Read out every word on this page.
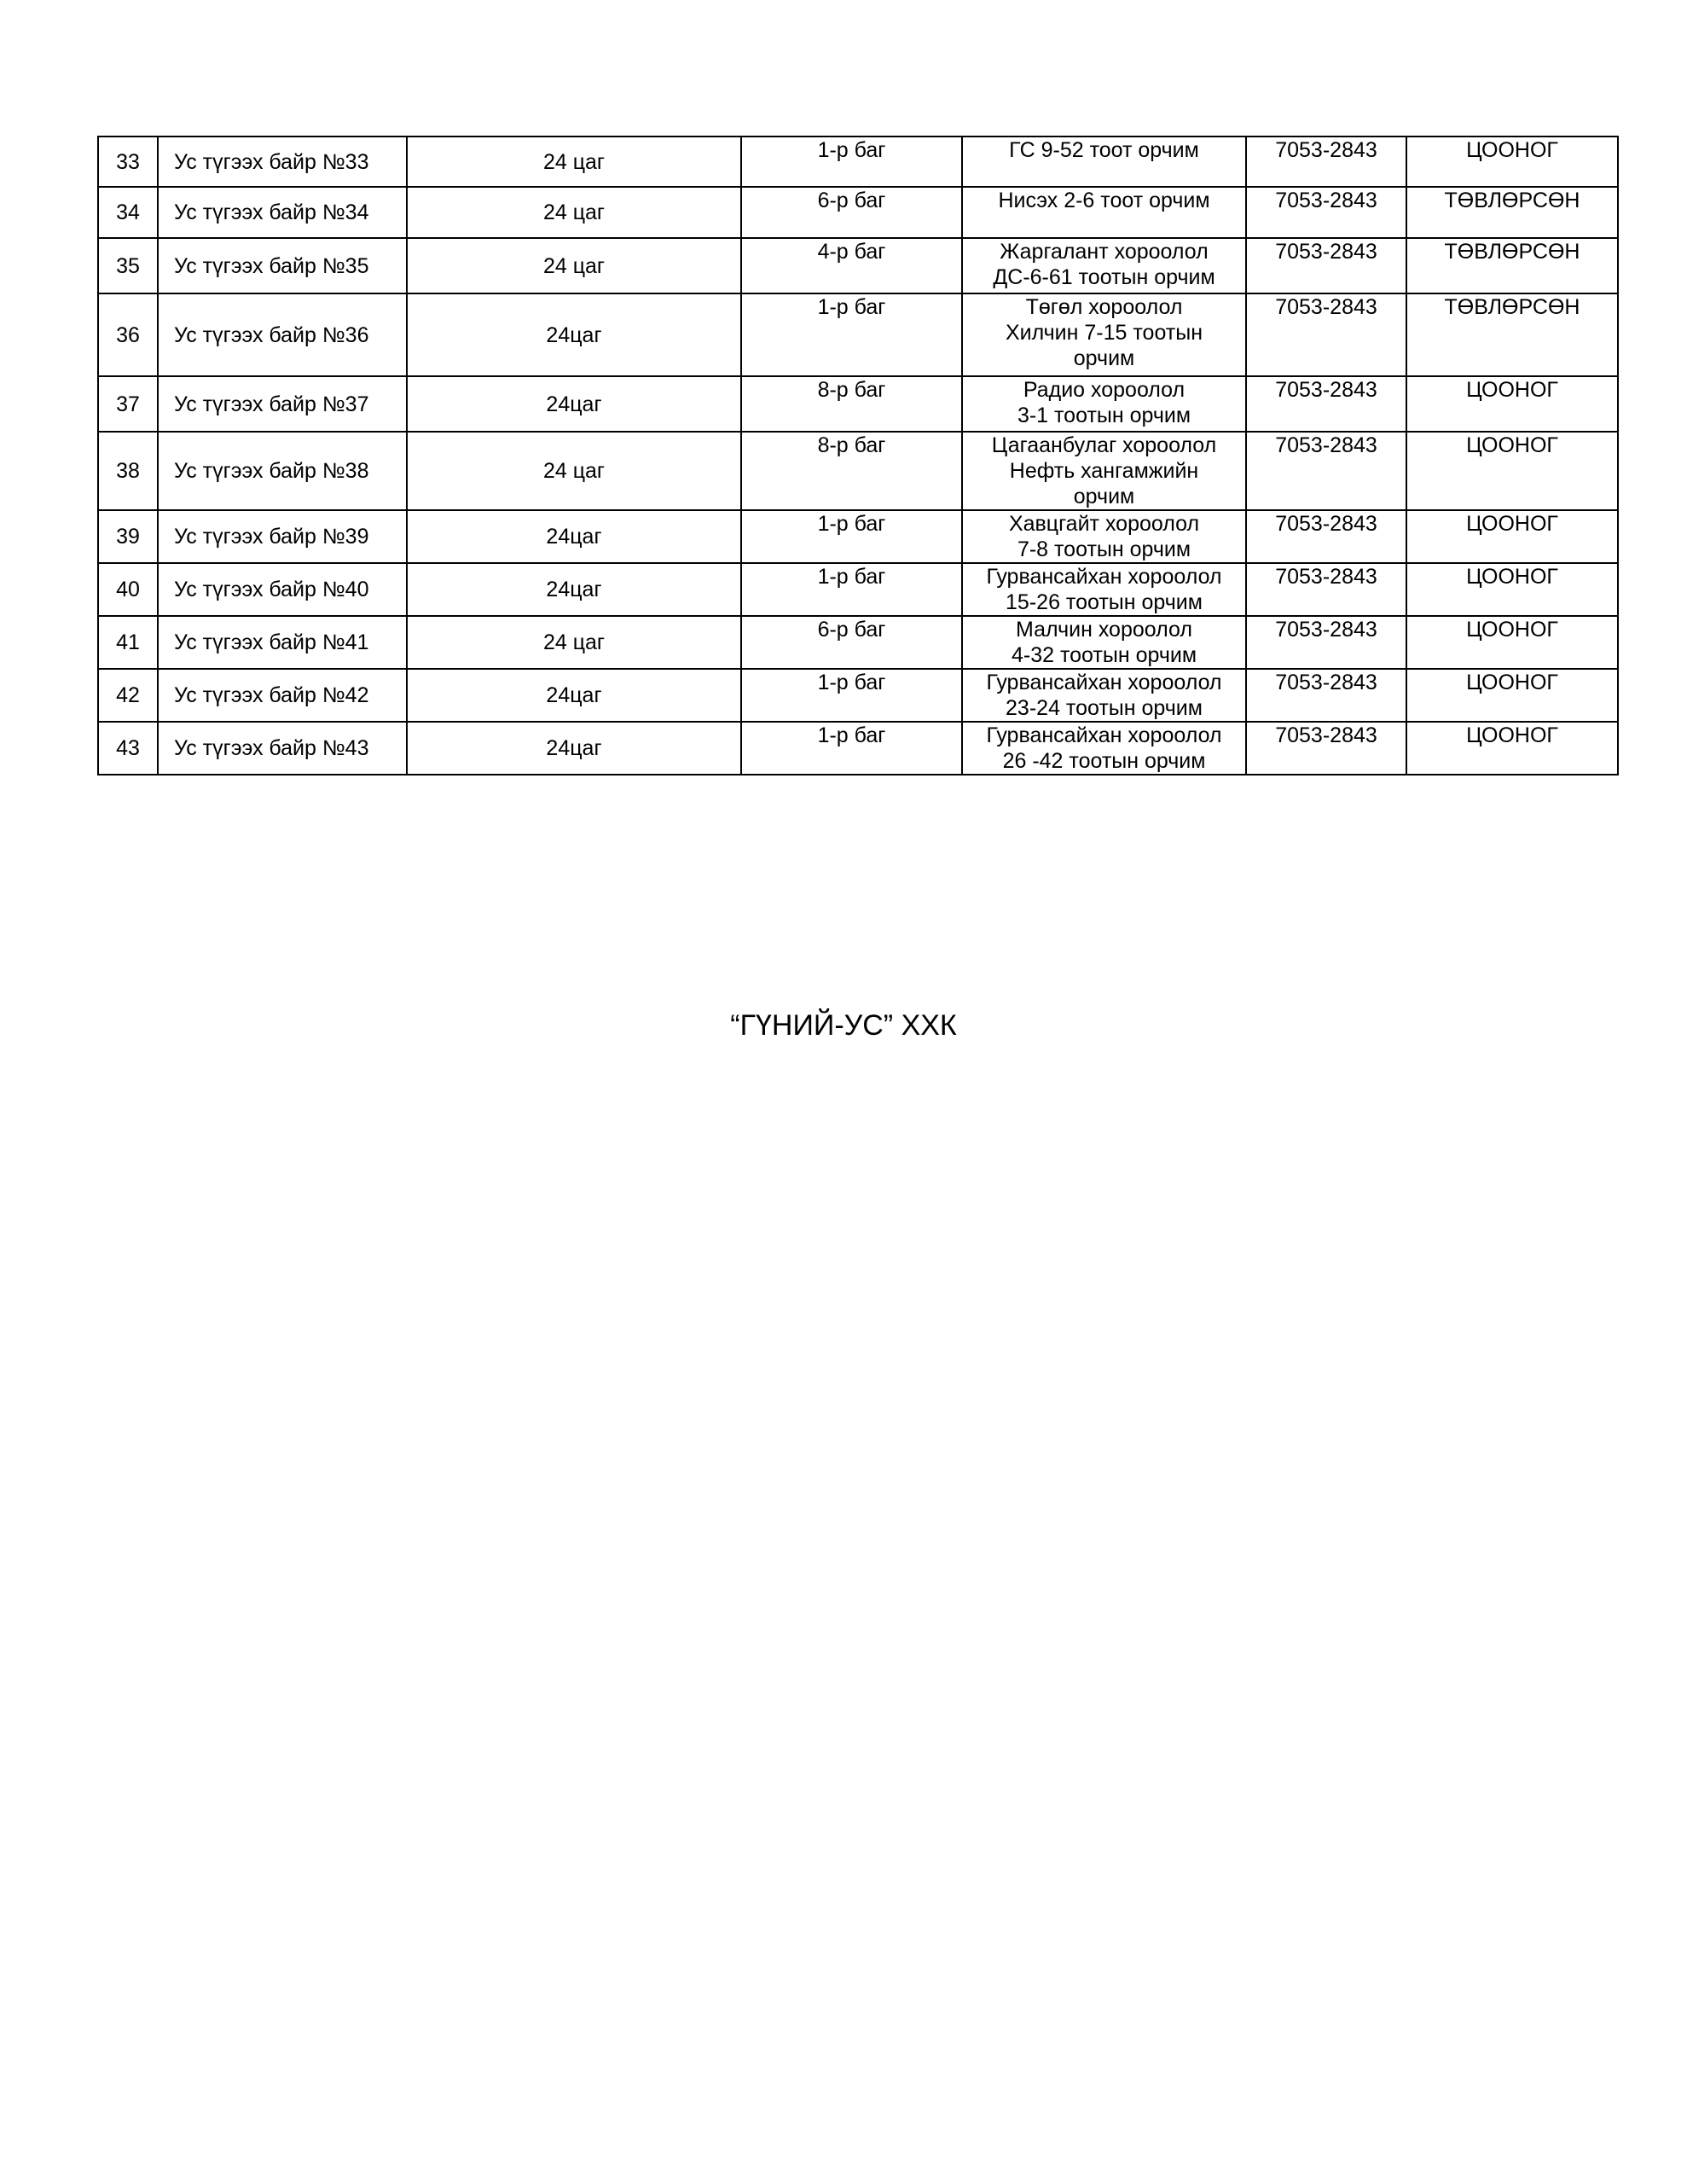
33	Ус түгээх байр №33	24 цаг	1-р баг	ГС 9-52 тоот орчим	7053-2843	ЦООНОГ
34	Ус түгээх байр №34	24 цаг	6-р баг	Нисэх 2-6 тоот орчим	7053-2843	ТӨВЛӨРСӨН
35	Ус түгээх байр №35	24 цаг	4-р баг	Жаргалант хороолол
ДС-6-61 тоотын орчим	7053-2843	ТӨВЛӨРСӨН
36	Ус түгээх байр №36	24цаг	1-р баг	Төгөл хороолол
Хилчин 7-15 тоотын
орчим	7053-2843	ТӨВЛӨРСӨН
37	Ус түгээх байр №37	24цаг	8-р баг	Радио хороолол
3-1 тоотын орчим	7053-2843	ЦООНОГ
38	Ус түгээх байр №38	24 цаг	8-р баг	Цагаанбулаг хороолол
Нефть хангамжийн
орчим	7053-2843	ЦООНОГ
39	Ус түгээх байр №39	24цаг	1-р баг	Хавцгайт хороолол
7-8 тоотын орчим	7053-2843	ЦООНОГ
40	Ус түгээх байр №40	24цаг	1-р баг	Гурвансайхан хороолол
15-26 тоотын орчим	7053-2843	ЦООНОГ
41	Ус түгээх байр №41	24 цаг	6-р баг	Малчин хороолол
4-32 тоотын орчим	7053-2843	ЦООНОГ
42	Ус түгээх байр №42	24цаг	1-р баг	Гурвансайхан хороолол
23-24 тоотын орчим	7053-2843	ЦООНОГ
43	Ус түгээх байр №43	24цаг	1-р баг	Гурвансайхан хороолол
26 -42 тоотын орчим	7053-2843	ЦООНОГ
“ГҮНИЙ-УС” ХХК
